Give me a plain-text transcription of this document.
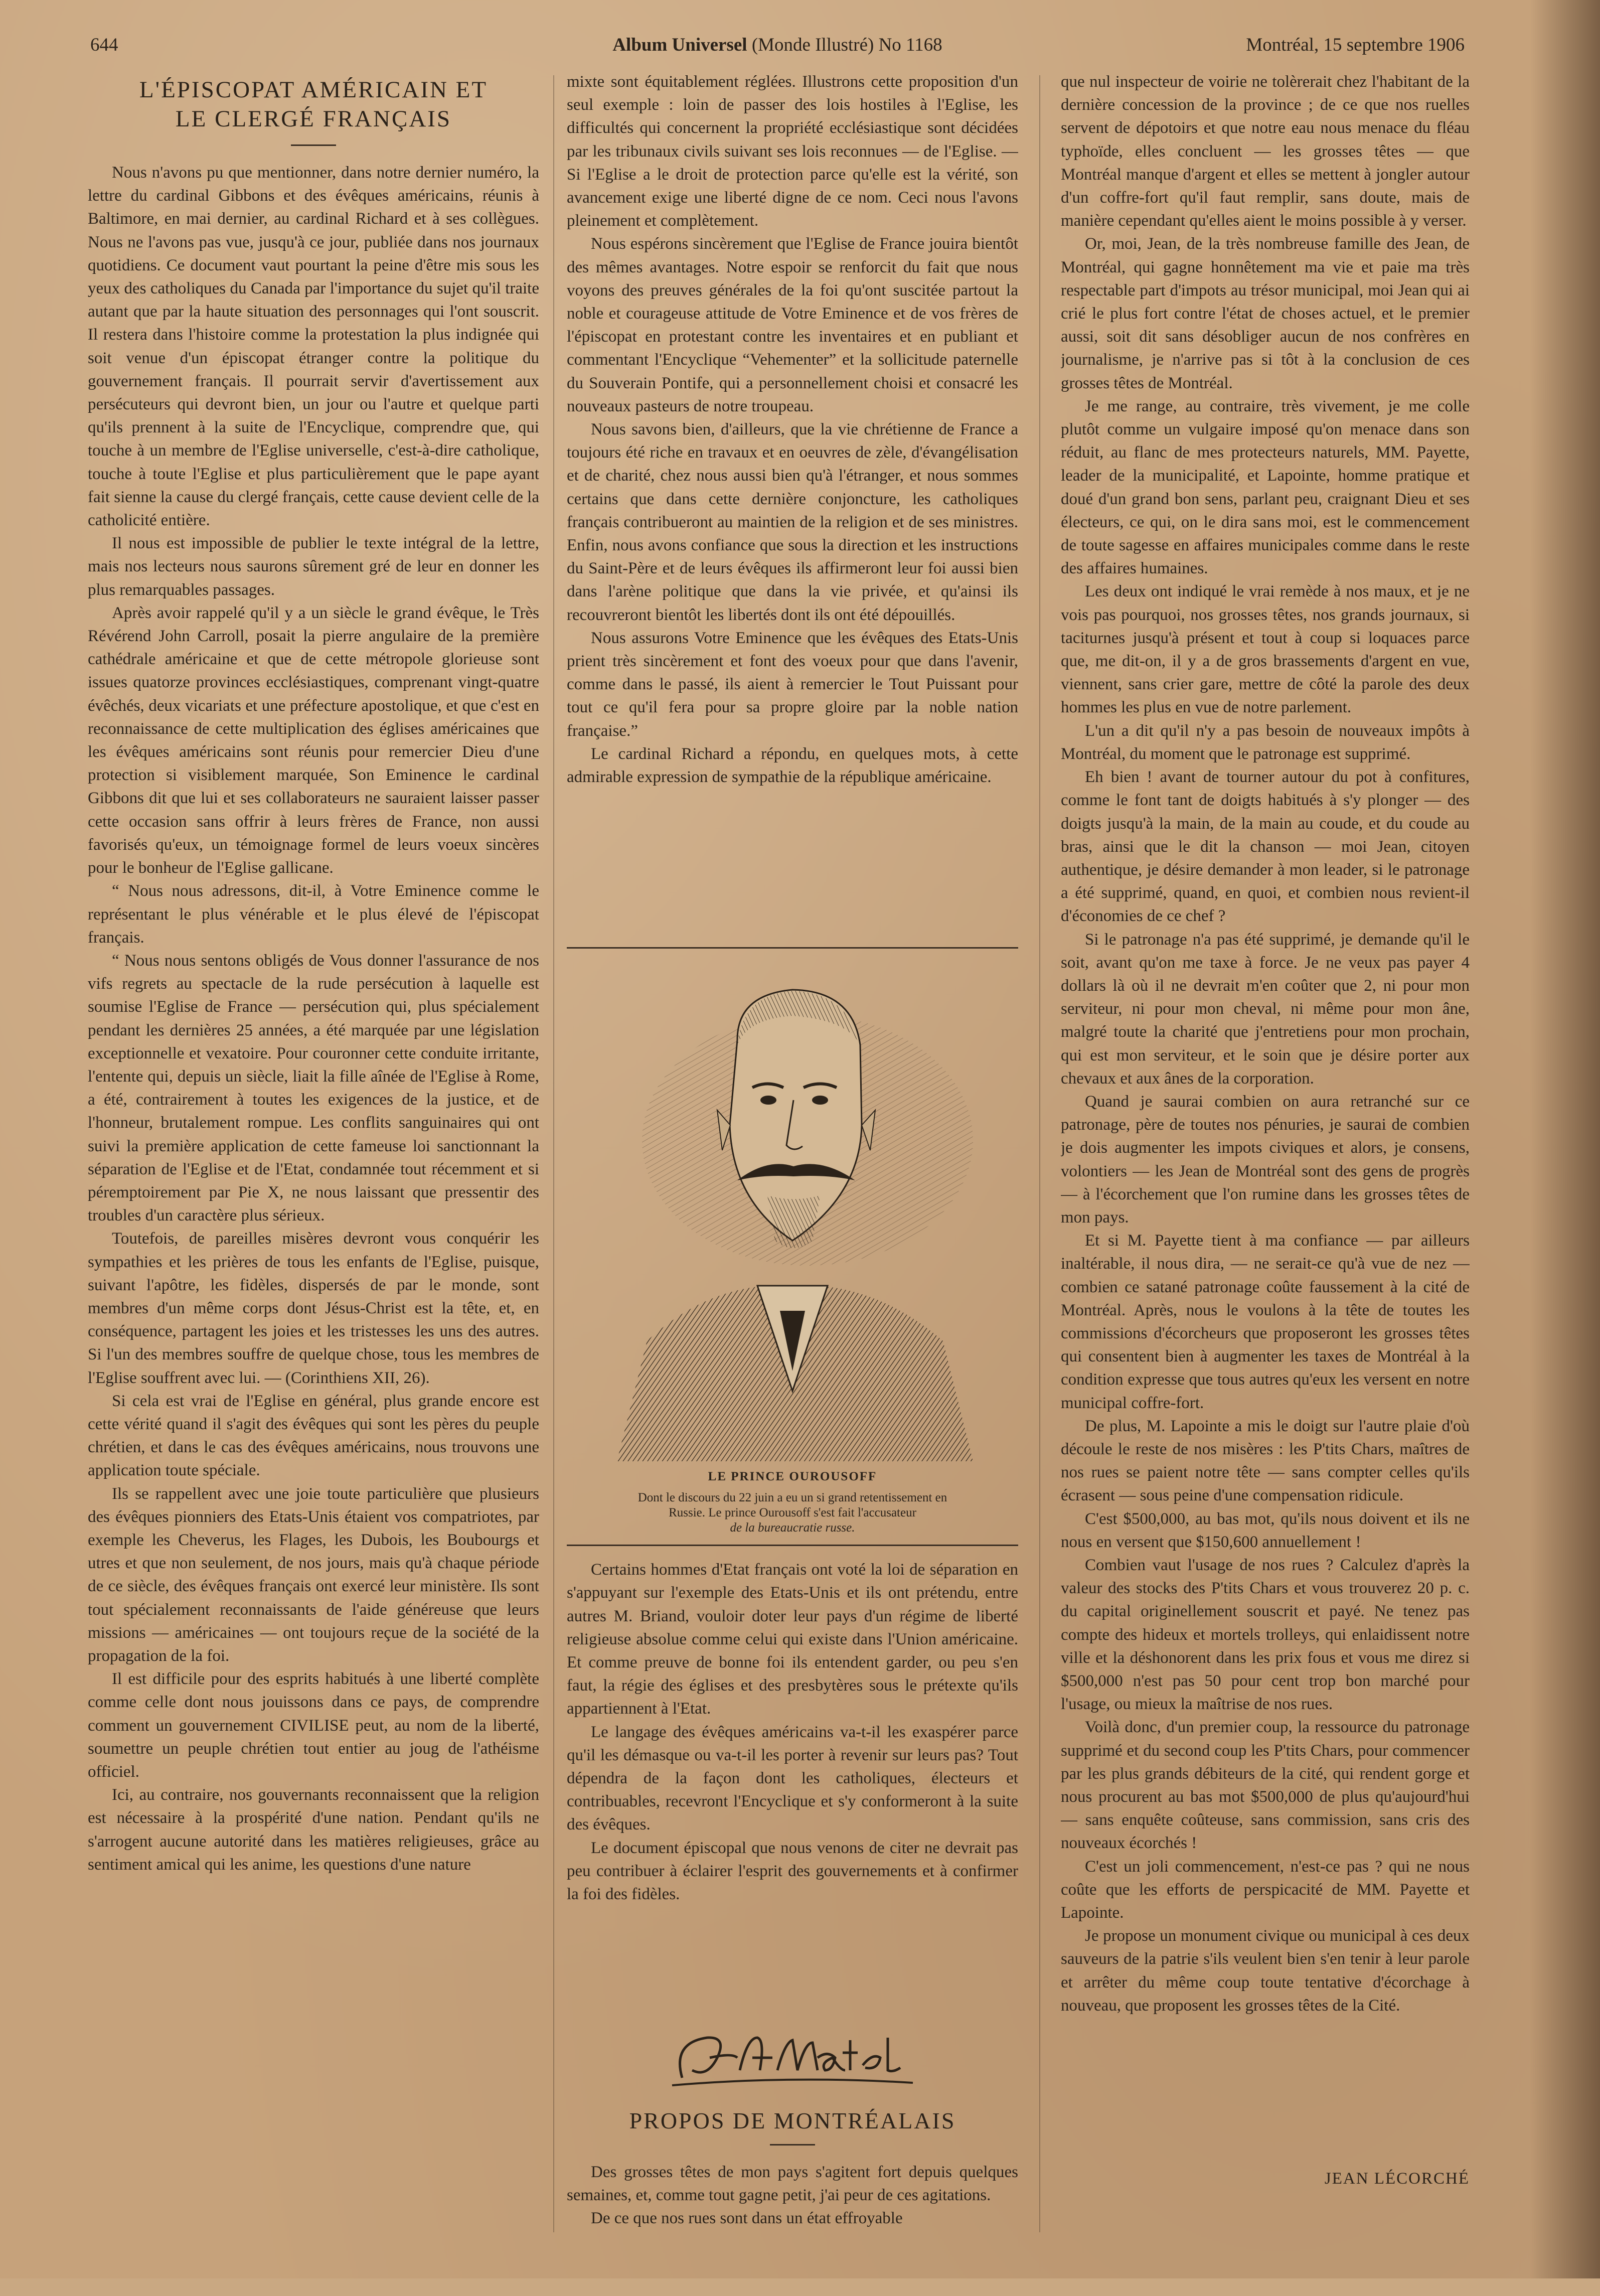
644	Album Universel (Monde Illustré) No 1168	Montréal, 15 septembre 1906
L'ÉPISCOPAT AMÉRICAIN ET
LE CLERGÉ FRANÇAIS

Nous n'avons pu que mentionner, dans notre dernier numéro, la lettre du cardinal Gibbons et des évêques américains, réunis à Baltimore, en mai dernier, au cardinal Richard et à ses collègues. Nous ne l'avons pas vue, jusqu'à ce jour, publiée dans nos journaux quotidiens. Ce document vaut pourtant la peine d'être mis sous les yeux des catholiques du Canada par l'importance du sujet qu'il traite autant que par la haute situation des personnages qui l'ont souscrit. Il restera dans l'histoire comme la protestation la plus indignée qui soit venue d'un épiscopat étranger contre la politique du gouvernement français. Il pourrait servir d'avertissement aux persécuteurs qui devront bien, un jour ou l'autre et quelque parti qu'ils prennent à la suite de l'Encyclique, comprendre que, qui touche à un membre de l'Eglise universelle, c'est-à-dire catholique, touche à toute l'Eglise et plus particulièrement que le pape ayant fait sienne la cause du clergé français, cette cause devient celle de la catholicité entière.

Il nous est impossible de publier le texte intégral de la lettre, mais nos lecteurs nous saurons sûrement gré de leur en donner les plus remarquables passages.

Après avoir rappelé qu'il y a un siècle le grand évêque, le Très Révérend John Carroll, posait la pierre angulaire de la première cathédrale américaine et que de cette métropole glorieuse sont issues quatorze provinces ecclésiastiques, comprenant vingt-quatre évêchés, deux vicariats et une préfecture apostolique, et que c'est en reconnaissance de cette multiplication des églises américaines que les évêques américains sont réunis pour remercier Dieu d'une protection si visiblement marquée, Son Eminence le cardinal Gibbons dit que lui et ses collaborateurs ne sauraient laisser passer cette occasion sans offrir à leurs frères de France, non aussi favorisés qu'eux, un témoignage formel de leurs voeux sincères pour le bonheur de l'Eglise gallicane.

“ Nous nous adressons, dit-il, à Votre Eminence comme le représentant le plus vénérable et le plus élevé de l'épiscopat français.

“ Nous nous sentons obligés de Vous donner l'assurance de nos vifs regrets au spectacle de la rude persécution à laquelle est soumise l'Eglise de France — persécution qui, plus spécialement pendant les dernières 25 années, a été marquée par une législation exceptionnelle et vexatoire. Pour couronner cette conduite irritante, l'entente qui, depuis un siècle, liait la fille aînée de l'Eglise à Rome, a été, contrairement à toutes les exigences de la justice, et de l'honneur, brutalement rompue. Les conflits sanguinaires qui ont suivi la première application de cette fameuse loi sanctionnant la séparation de l'Eglise et de l'Etat, condamnée tout récemment et si péremptoirement par Pie X, ne nous laissant que pressentir des troubles d'un caractère plus sérieux.

Toutefois, de pareilles misères devront vous conquérir les sympathies et les prières de tous les enfants de l'Eglise, puisque, suivant l'apôtre, les fidèles, dispersés de par le monde, sont membres d'un même corps dont Jésus-Christ est la tête, et, en conséquence, partagent les joies et les tristesses les uns des autres. Si l'un des membres souffre de quelque chose, tous les membres de l'Eglise souffrent avec lui. — (Corinthiens XII, 26).

Si cela est vrai de l'Eglise en général, plus grande encore est cette vérité quand il s'agit des évêques qui sont les pères du peuple chrétien, et dans le cas des évêques américains, nous trouvons une application toute spéciale.

Ils se rappellent avec une joie toute particulière que plusieurs des évêques pionniers des Etats-Unis étaient vos compatriotes, par exemple les Cheverus, les Flages, les Dubois, les Boubourgs et utres et que non seulement, de nos jours, mais qu'à chaque période de ce siècle, des évêques français ont exercé leur ministère. Ils sont tout spécialement reconnaissants de l'aide généreuse que leurs missions — américaines — ont toujours reçue de la société de la propagation de la foi.

Il est difficile pour des esprits habitués à une liberté complète comme celle dont nous jouissons dans ce pays, de comprendre comment un gouvernement CIVILISE peut, au nom de la liberté, soumettre un peuple chrétien tout entier au joug de l'athéisme officiel.

Ici, au contraire, nos gouvernants reconnaissent que la religion est nécessaire à la prospérité d'une nation. Pendant qu'ils ne s'arrogent aucune autorité dans les matières religieuses, grâce au sentiment amical qui les anime, les questions d'une nature

mixte sont équitablement réglées. Illustrons cette proposition d'un seul exemple : loin de passer des lois hostiles à l'Eglise, les difficultés qui concernent la propriété ecclésiastique sont décidées par les tribunaux civils suivant ses lois reconnues — de l'Eglise. — Si l'Eglise a le droit de protection parce qu'elle est la vérité, son avancement exige une liberté digne de ce nom. Ceci nous l'avons pleinement et complètement.

Nous espérons sincèrement que l'Eglise de France jouira bientôt des mêmes avantages. Notre espoir se renforcit du fait que nous voyons des preuves générales de la foi qu'ont suscitée partout la noble et courageuse attitude de Votre Eminence et de vos frères de l'épiscopat en protestant contre les inventaires et en publiant et commentant l'Encyclique “Vehementer” et la sollicitude paternelle du Souverain Pontife, qui a personnellement choisi et consacré les nouveaux pasteurs de notre troupeau.

Nous savons bien, d'ailleurs, que la vie chrétienne de France a toujours été riche en travaux et en oeuvres de zèle, d'évangélisation et de charité, chez nous aussi bien qu'à l'étranger, et nous sommes certains que dans cette dernière conjoncture, les catholiques français contribueront au maintien de la religion et de ses ministres. Enfin, nous avons confiance que sous la direction et les instructions du Saint-Père et de leurs évêques ils affirmeront leur foi aussi bien dans l'arène politique que dans la vie privée, et qu'ainsi ils recouvreront bientôt les libertés dont ils ont été dépouillés.

Nous assurons Votre Eminence que les évêques des Etats-Unis prient très sincèrement et font des voeux pour que dans l'avenir, comme dans le passé, ils aient à remercier le Tout Puissant pour tout ce qu'il fera pour sa propre gloire par la noble nation française.”

Le cardinal Richard a répondu, en quelques mots, à cette admirable expression de sympathie de la république américaine.

LE PRINCE OUROUSOFF
Dont le discours du 22 juin a eu un si grand retentissement en
Russie. Le prince Ourousoff s'est fait l'accusateur
de la bureaucratie russe.

Certains hommes d'Etat français ont voté la loi de séparation en s'appuyant sur l'exemple des Etats-Unis et ils ont prétendu, entre autres M. Briand, vouloir doter leur pays d'un régime de liberté religieuse absolue comme celui qui existe dans l'Union américaine. Et comme preuve de bonne foi ils entendent garder, ou peu s'en faut, la régie des églises et des presbytères sous le prétexte qu'ils appartiennent à l'Etat.

Le langage des évêques américains va-t-il les exaspérer parce qu'il les démasque ou va-t-il les porter à revenir sur leurs pas? Tout dépendra de la façon dont les catholiques, électeurs et contribuables, recevront l'Encyclique et s'y conformeront à la suite des évêques.

Le document épiscopal que nous venons de citer ne devrait pas peu contribuer à éclairer l'esprit des gouvernements et à confirmer la foi des fidèles.

PROPOS DE MONTRÉALAIS

Des grosses têtes de mon pays s'agitent fort depuis quelques semaines, et, comme tout gagne petit, j'ai peur de ces agitations.

De ce que nos rues sont dans un état effroyable

que nul inspecteur de voirie ne tolèrerait chez l'habitant de la dernière concession de la province ; de ce que nos ruelles servent de dépotoirs et que notre eau nous menace du fléau typhoïde, elles concluent — les grosses têtes — que Montréal manque d'argent et elles se mettent à jongler autour d'un coffre-fort qu'il faut remplir, sans doute, mais de manière cependant qu'elles aient le moins possible à y verser.

Or, moi, Jean, de la très nombreuse famille des Jean, de Montréal, qui gagne honnêtement ma vie et paie ma très respectable part d'impots au trésor municipal, moi Jean qui ai crié le plus fort contre l'état de choses actuel, et le premier aussi, soit dit sans désobliger aucun de nos confrères en journalisme, je n'arrive pas si tôt à la conclusion de ces grosses têtes de Montréal.

Je me range, au contraire, très vivement, je me colle plutôt comme un vulgaire imposé qu'on menace dans son réduit, au flanc de mes protecteurs naturels, MM. Payette, leader de la municipalité, et Lapointe, homme pratique et doué d'un grand bon sens, parlant peu, craignant Dieu et ses électeurs, ce qui, on le dira sans moi, est le commencement de toute sagesse en affaires municipales comme dans le reste des affaires humaines.

Les deux ont indiqué le vrai remède à nos maux, et je ne vois pas pourquoi, nos grosses têtes, nos grands journaux, si taciturnes jusqu'à présent et tout à coup si loquaces parce que, me dit-on, il y a de gros brassements d'argent en vue, viennent, sans crier gare, mettre de côté la parole des deux hommes les plus en vue de notre parlement.

L'un a dit qu'il n'y a pas besoin de nouveaux impôts à Montréal, du moment que le patronage est supprimé.

Eh bien ! avant de tourner autour du pot à confitures, comme le font tant de doigts habitués à s'y plonger — des doigts jusqu'à la main, de la main au coude, et du coude au bras, ainsi que le dit la chanson — moi Jean, citoyen authentique, je désire demander à mon leader, si le patronage a été supprimé, quand, en quoi, et combien nous revient-il d'économies de ce chef ?

Si le patronage n'a pas été supprimé, je demande qu'il le soit, avant qu'on me taxe à force. Je ne veux pas payer 4 dollars là où il ne devrait m'en coûter que 2, ni pour mon serviteur, ni pour mon cheval, ni même pour mon âne, malgré toute la charité que j'entretiens pour mon prochain, qui est mon serviteur, et le soin que je désire porter aux chevaux et aux ânes de la corporation.

Quand je saurai combien on aura retranché sur ce patronage, père de toutes nos pénuries, je saurai de combien je dois augmenter les impots civiques et alors, je consens, volontiers — les Jean de Montréal sont des gens de progrès — à l'écorchement que l'on rumine dans les grosses têtes de mon pays.

Et si M. Payette tient à ma confiance — par ailleurs inaltérable, il nous dira, — ne serait-ce qu'à vue de nez — combien ce satané patronage coûte faussement à la cité de Montréal. Après, nous le voulons à la tête de toutes les commissions d'écorcheurs que proposeront les grosses têtes qui consentent bien à augmenter les taxes de Montréal à la condition expresse que tous autres qu'eux les versent en notre municipal coffre-fort.

De plus, M. Lapointe a mis le doigt sur l'autre plaie d'où découle le reste de nos misères : les P'tits Chars, maîtres de nos rues se paient notre tête — sans compter celles qu'ils écrasent — sous peine d'une compensation ridicule.

C'est $500,000, au bas mot, qu'ils nous doivent et ils ne nous en versent que $150,600 annuellement !

Combien vaut l'usage de nos rues ? Calculez d'après la valeur des stocks des P'tits Chars et vous trouverez 20 p. c. du capital originellement souscrit et payé. Ne tenez pas compte des hideux et mortels trolleys, qui enlaidissent notre ville et la déshonorent dans les prix fous et vous me direz si $500,000 n'est pas 50 pour cent trop bon marché pour l'usage, ou mieux la maîtrise de nos rues.

Voilà donc, d'un premier coup, la ressource du patronage supprimé et du second coup les P'tits Chars, pour commencer par les plus grands débiteurs de la cité, qui rendent gorge et nous procurent au bas mot $500,000 de plus qu'aujourd'hui — sans enquête coûteuse, sans commission, sans cris des nouveaux écorchés !

C'est un joli commencement, n'est-ce pas ? qui ne nous coûte que les efforts de perspicacité de MM. Payette et Lapointe.

Je propose un monument civique ou municipal à ces deux sauveurs de la patrie s'ils veulent bien s'en tenir à leur parole et arrêter du même coup toute tentative d'écorchage à nouveau, que proposent les grosses têtes de la Cité.

JEAN LÉCORCHÉ
